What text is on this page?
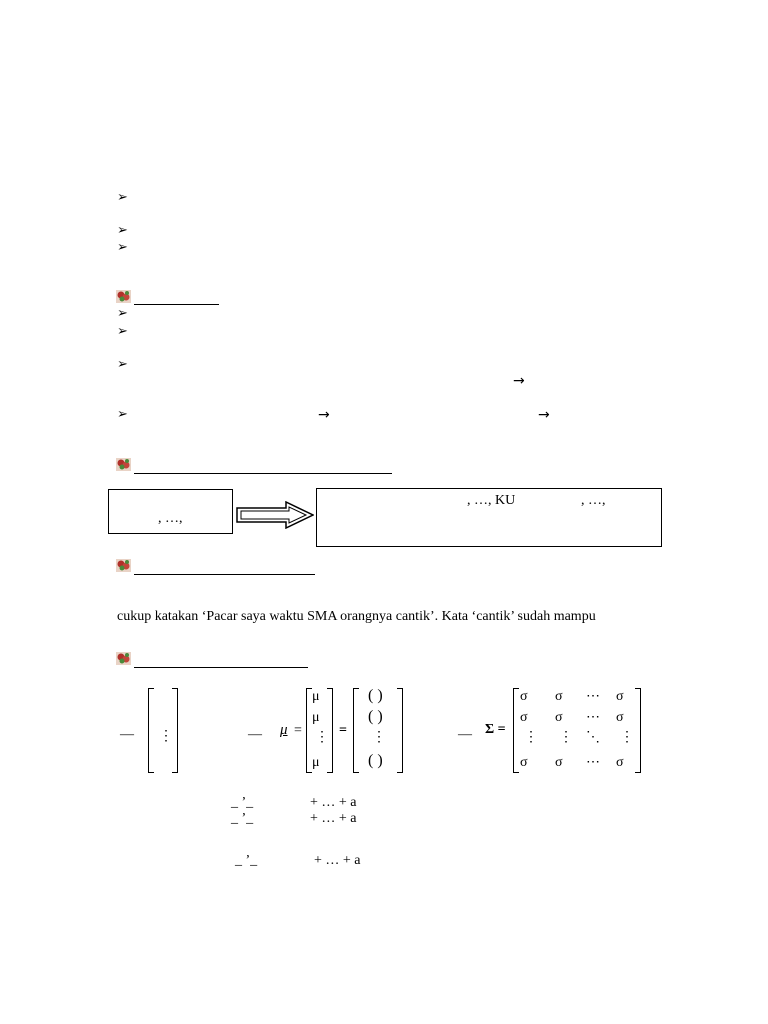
➢
➢
➢
➢
➢
➢
→
➢	→	→
, …,
, …, KU	, …,
cukup katakan ‘Pacar saya waktu SMA orangnya cantik’. Kata ‘cantik’ sudah mampu
— ⋮	— μ =
μ
μ
⋮
μ
=
( )
( )
⋮
( )
— Σ =
σ σ ⋯ σ
σ σ ⋯ σ
⋮ ⋮ ⋱ ⋮
σ σ ⋯ σ
_ ’_	+ … + a
_ ’_	+ … + a
_ ’_	+ … + a
